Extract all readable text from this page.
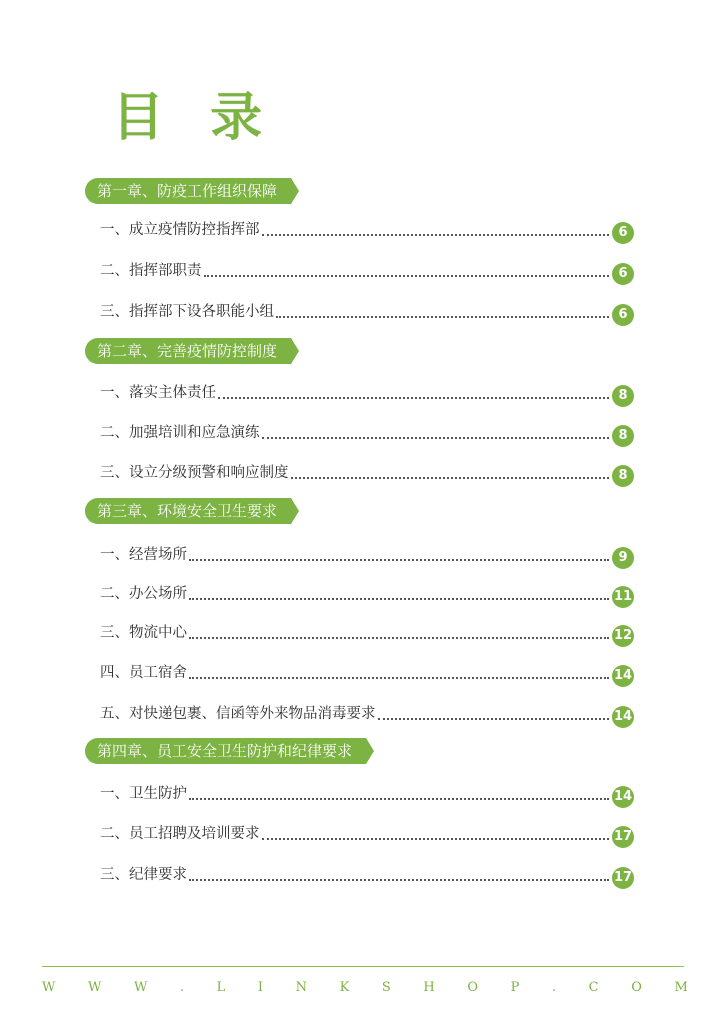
目 录
第一章、防疫工作组织保障
一、成立疫情防控指挥部	6
二、指挥部职责	6
三、指挥部下设各职能小组	6
第二章、完善疫情防控制度
一、落实主体责任	8
二、加强培训和应急演练	8
三、设立分级预警和响应制度	8
第三章、环境安全卫生要求
一、经营场所	9
二、办公场所	11
三、物流中心	12
四、员工宿舍	14
五、对快递包裹、信函等外来物品消毒要求	14
第四章、员工安全卫生防护和纪律要求
一、卫生防护	14
二、员工招聘及培训要求	17
三、纪律要求	17
W	W	W	.	L	I	N	K	S	H	O	P	.	C	O	M
